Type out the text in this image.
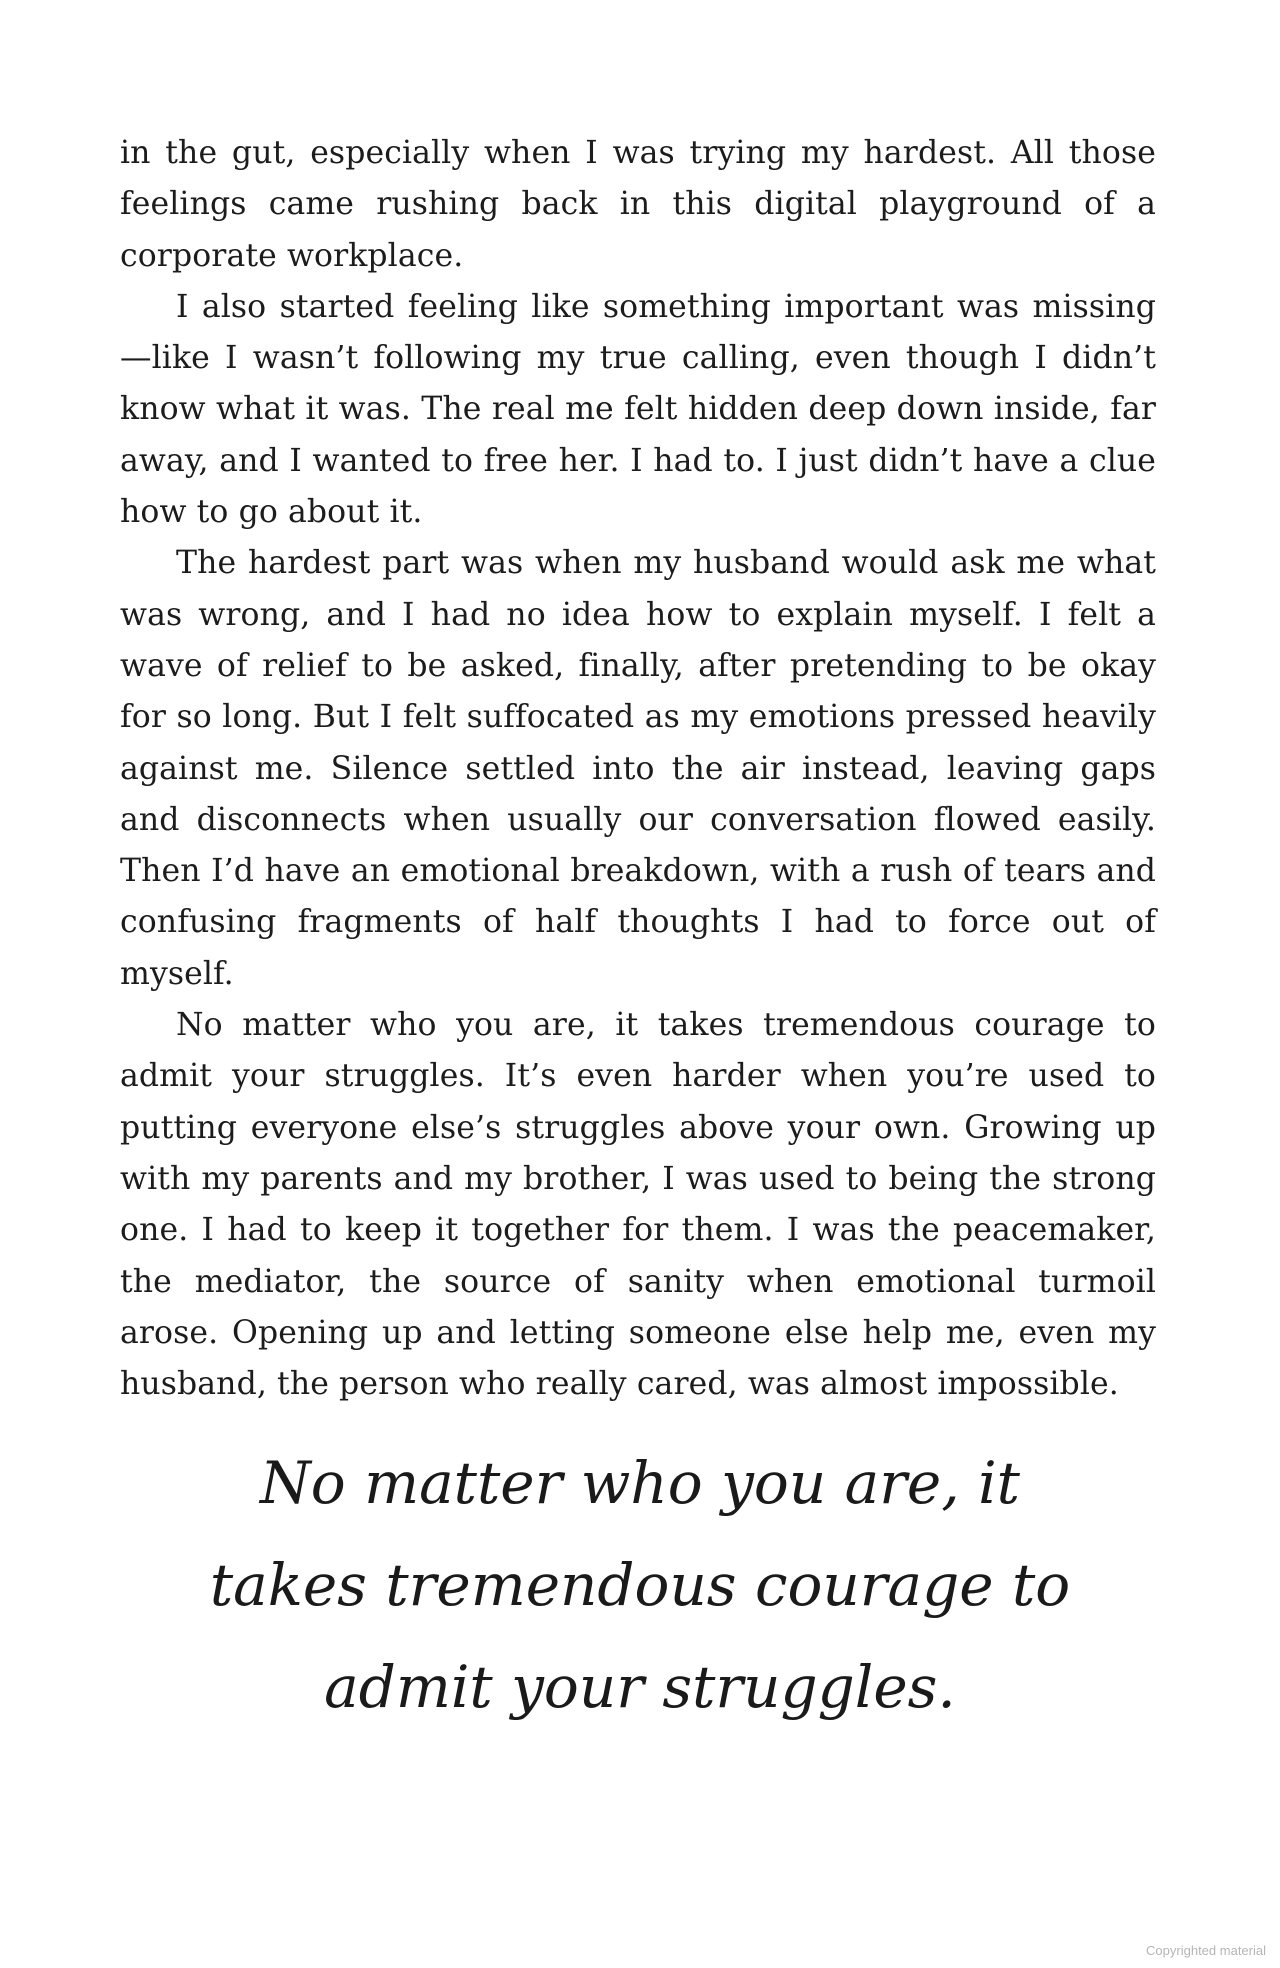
in the gut, especially when I was trying my hardest. All those feelings came rushing back in this digital playground of a corporate workplace.

I also started feeling like something important was missing—like I wasn’t following my true calling, even though I didn’t know what it was. The real me felt hidden deep down inside, far away, and I wanted to free her. I had to. I just didn’t have a clue how to go about it.

The hardest part was when my husband would ask me what was wrong, and I had no idea how to explain myself. I felt a wave of relief to be asked, finally, after pretending to be okay for so long. But I felt suffocated as my emotions pressed heavily against me. Silence settled into the air instead, leaving gaps and disconnects when usually our conversation flowed easily. Then I’d have an emotional breakdown, with a rush of tears and confusing fragments of half thoughts I had to force out of myself.

No matter who you are, it takes tremendous courage to admit your struggles. It’s even harder when you’re used to putting everyone else’s struggles above your own. Growing up with my parents and my brother, I was used to being the strong one. I had to keep it together for them. I was the peacemaker, the mediator, the source of sanity when emotional turmoil arose. Opening up and letting someone else help me, even my husband, the person who really cared, was almost impossible.

No matter who you are, it
takes tremendous courage to
admit your struggles.
Copyrighted material
